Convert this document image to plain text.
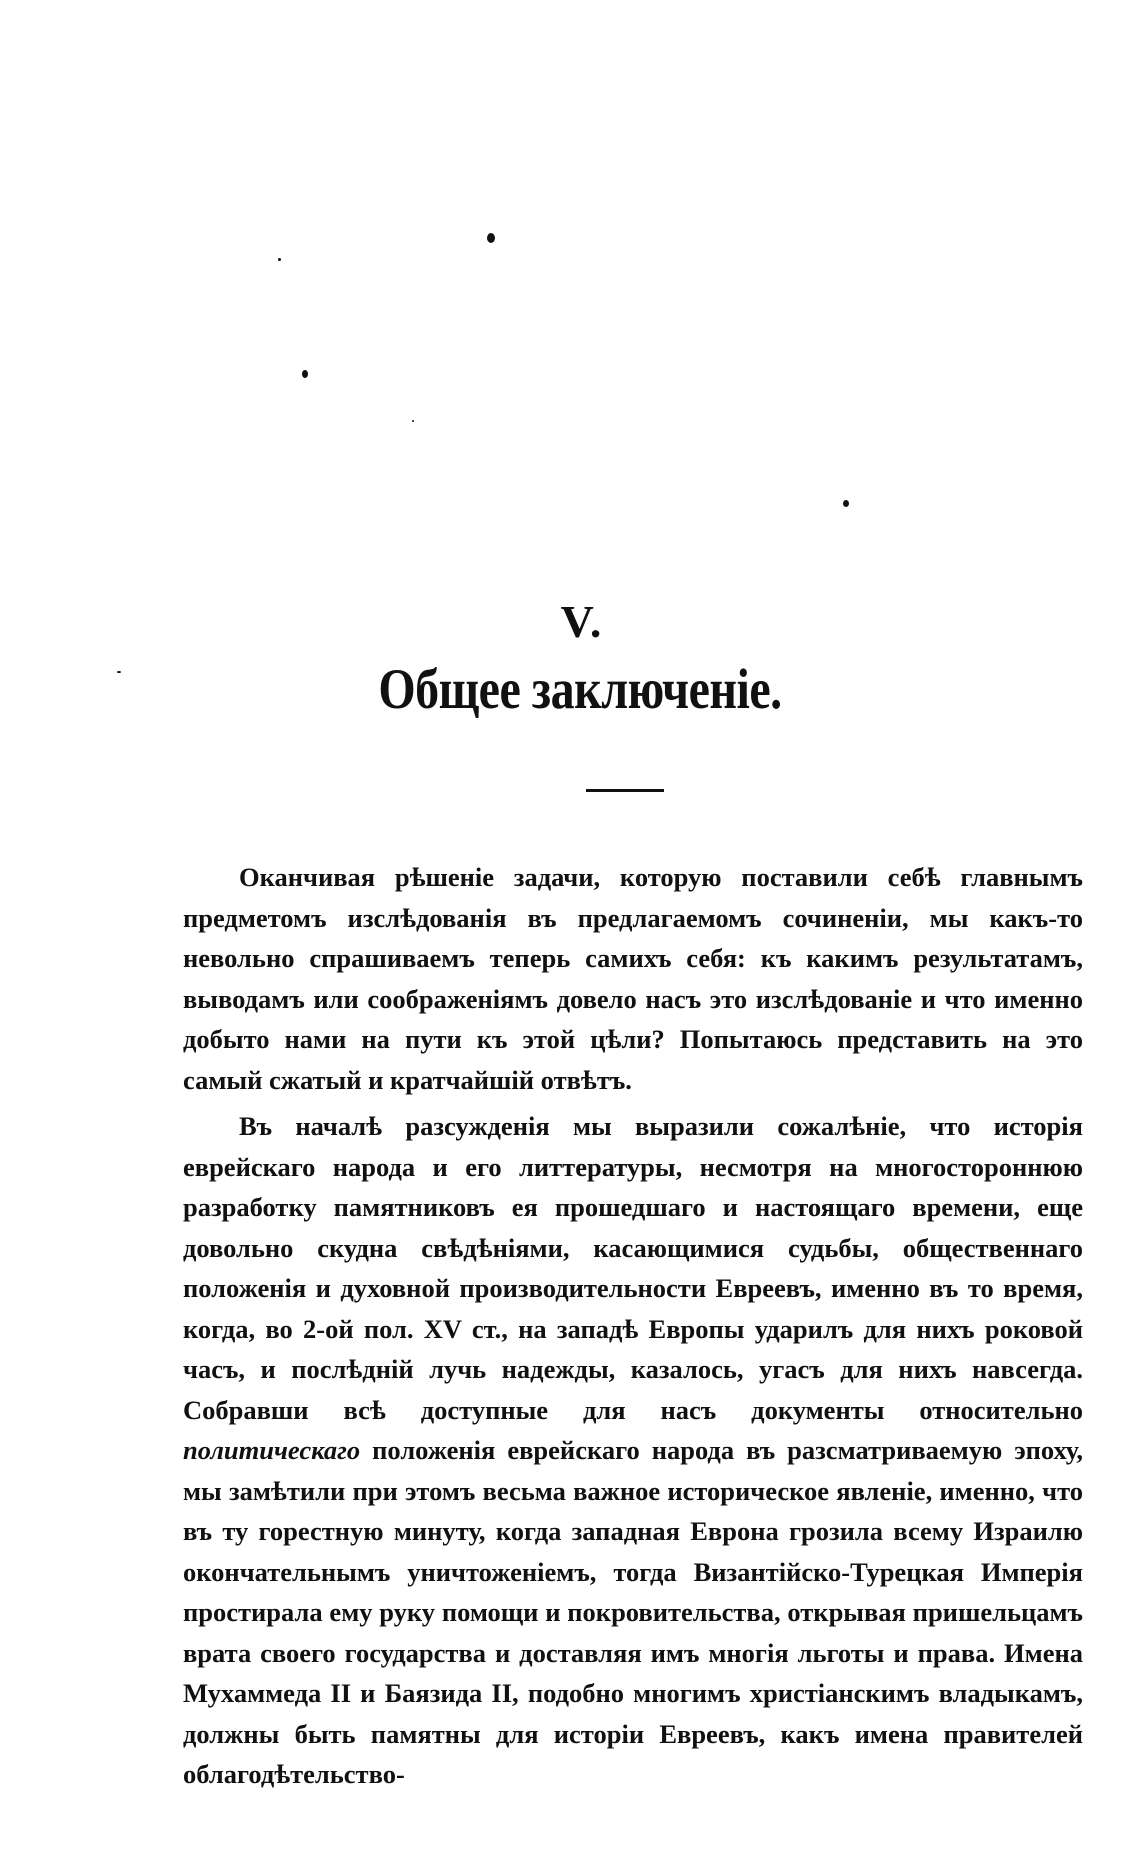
V.
Общее заключеніе.

Оканчивая рѣшеніе задачи, которую поставили себѣ главнымъ предметомъ изслѣдованія въ предлагаемомъ сочиненіи, мы какъ-то невольно спрашиваемъ теперь самихъ себя: къ какимъ результатамъ, выводамъ или соображеніямъ довело насъ это изслѣдованіе и что именно добыто нами на пути къ этой цѣли? Попытаюсь представить на это самый сжатый и кратчайшій отвѣтъ.

Въ началѣ разсужденія мы выразили сожалѣніе, что исторія еврейскаго народа и его литтературы, несмотря на многостороннюю разработку памятниковъ ея прошедшаго и настоящаго времени, еще довольно скудна свѣдѣніями, касающимися судьбы, общественнаго положенія и духовной производительности Евреевъ, именно въ то время, когда, во 2-ой пол. XV ст., на западѣ Европы ударилъ для нихъ роковой часъ, и послѣдній лучь надежды, казалось, угасъ для нихъ навсегда. Собравши всѣ доступные для насъ документы относительно политическаго положенія еврейскаго народа въ разсматриваемую эпоху, мы замѣтили при этомъ весьма важное историческое явленіе, именно, что въ ту горестную минуту, когда западная Еврона грозила всему Израилю окончательнымъ уничтоженіемъ, тогда Византійско-Турецкая Имперія простирала ему руку помощи и покровительства, открывая пришельцамъ врата своего государства и доставляя имъ многія льготы и права. Имена Мухаммеда II и Баязида II, подобно многимъ христіанскимъ владыкамъ, должны быть памятны для исторіи Евреевъ, какъ имена правителей облагодѣтельство-
